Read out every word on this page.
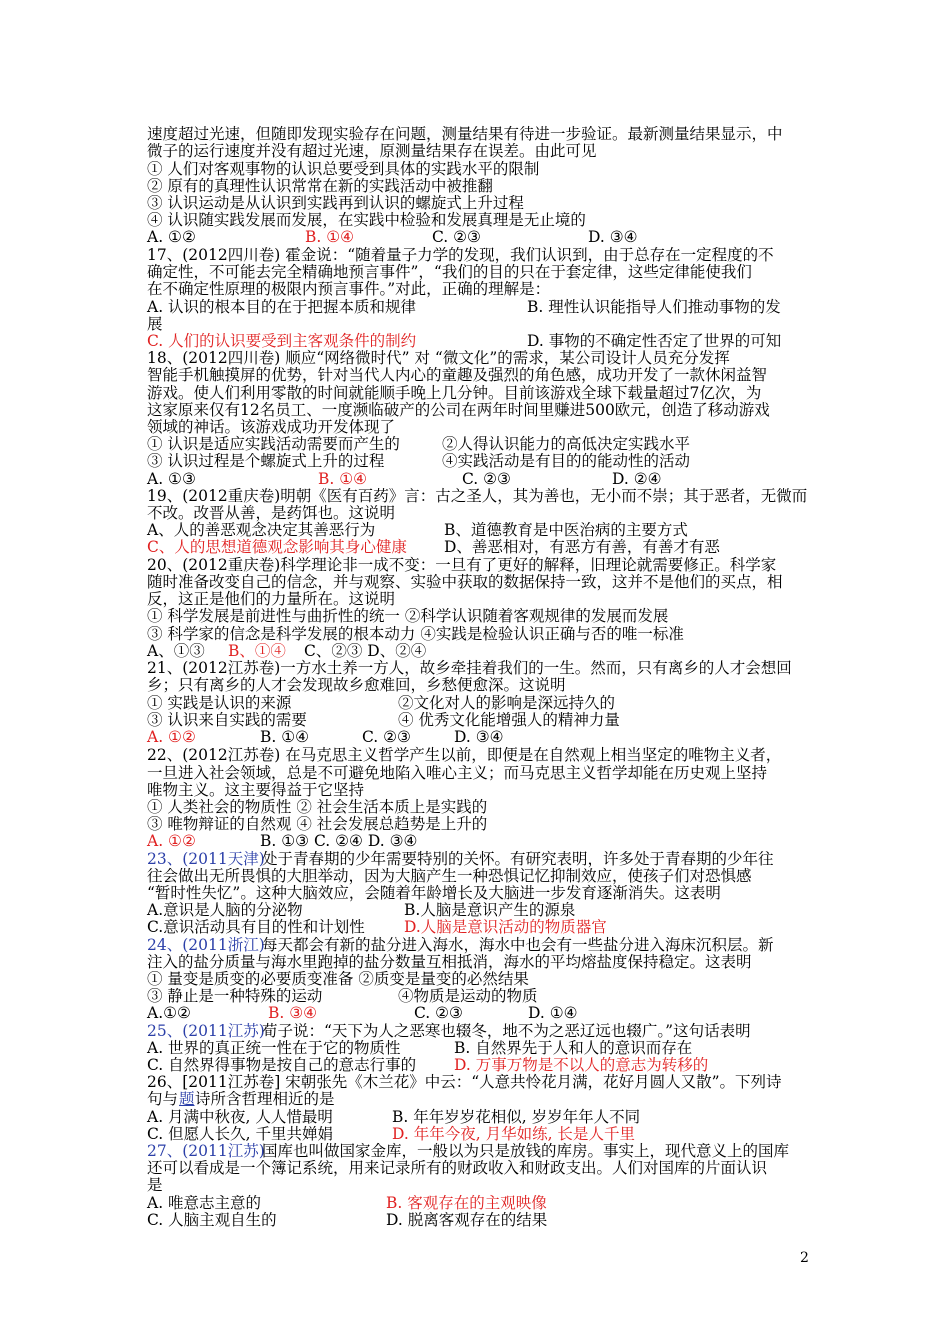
速度超过光速，但随即发现实验存在问题，测量结果有待进一步验证。最新测量结果显示，中
微子的运行速度并没有超过光速，原测量结果存在误差。由此可见
① 人们对客观事物的认识总要受到具体的实践水平的限制
② 原有的真理性认识常常在新的实践活动中被推翻
③ 认识运动是从认识到实践再到认识的螺旋式上升过程
④ 认识随实践发展而发展，在实践中检验和发展真理是无止境的
A. ①②	B. ①④	C. ②③	D. ③④
17、(2012四川卷) 霍金说：“随着量子力学的发现，我们认识到，由于总存在一定程度的不
确定性，不可能去完全精确地预言事件”，“我们的目的只在于套定律，这些定律能使我们
在不确定性原理的极限内预言事件。”对此，正确的理解是：
A. 认识的根本目的在于把握本质和规律	B. 理性认识能指导人们推动事物的发
展
C. 人们的认识要受到主客观条件的制约	D. 事物的不确定性否定了世界的可知
18、(2012四川卷) 顺应“网络微时代” 对 “微文化”的需求，某公司设计人员充分发挥
智能手机触摸屏的优势，针对当代人内心的童趣及强烈的角色感，成功开发了一款休闲益智
游戏。使人们利用零散的时间就能顺手晚上几分钟。目前该游戏全球下载量超过7亿次，为
这家原来仅有12名员工、一度濒临破产的公司在两年时间里赚进500欧元，创造了移动游戏
领域的神话。该游戏成功开发体现了
① 认识是适应实践活动需要而产生的	②人得认识能力的高低决定实践水平
③ 认识过程是个螺旋式上升的过程	④实践活动是有目的的能动性的活动
A. ①③	B. ①④	C. ②③	D. ②④
19、(2012重庆卷)明朝《医有百药》言：古之圣人，其为善也，无小而不崇；其于恶者，无微而
不改。改晋从善，是药饵也。这说明
A、人的善恶观念决定其善恶行为	B、道德教育是中医治病的主要方式
C、人的思想道德观念影响其身心健康 D、善恶相对，有恶方有善，有善才有恶
20、(2012重庆卷)科学理论非一成不变：一旦有了更好的解释，旧理论就需要修正。科学家
随时准备改变自己的信念，并与观察、实验中获取的数据保持一致，这并不是他们的买点，相
反，这正是他们的力量所在。这说明
① 科学发展是前进性与曲折性的统一 ②科学认识随着客观规律的发展而发展
③ 科学家的信念是科学发展的根本动力 ④实践是检验认识正确与否的唯一标准
A、①③ B、①④ C、②③ D、②④
21、(2012江苏卷)一方水土养一方人，故乡牵挂着我们的一生。然而，只有离乡的人才会想回
乡；只有离乡的人才会发现故乡愈难回，乡愁便愈深。这说明
① 实践是认识的来源	②文化对人的影响是深远持久的
③ 认识来自实践的需要	④ 优秀文化能增强人的精神力量
A. ①②	B. ①④	C. ②③	D. ③④
22、(2012江苏卷) 在马克思主义哲学产生以前，即便是在自然观上相当坚定的唯物主义者，
一旦进入社会领域，总是不可避免地陷入唯心主义；而马克思主义哲学却能在历史观上坚持
唯物主义。这主要得益于它坚持
① 人类社会的物质性 ② 社会生活本质上是实践的
③ 唯物辩证的自然观 ④ 社会发展总趋势是上升的
A. ①②	B. ①③ C. ②④ D. ③④
23、(2011天津)
处于青春期的少年需要特别的关怀。有研究表明，许多处于青春期的少年往
往会做出无所畏惧的大胆举动，因为大脑产生一种恐惧记忆抑制效应，使孩子们对恐惧感
“暂时性失忆”。这种大脑效应，会随着年龄增长及大脑进一步发育逐渐消失。这表明
A.意识是人脑的分泌物	B.人脑是意识产生的源泉
C.意识活动具有目的性和计划性	D.人脑是意识活动的物质器官
24、(2011浙江)
每天都会有新的盐分进入海水，海水中也会有一些盐分进入海床沉积层。新
注入的盐分质量与海水里跑掉的盐分数量互相抵消，海水的平均熔盐度保持稳定。这表明
① 量变是质变的必要质变准备 ②质变是量变的必然结果
③ 静止是一种特殊的运动	④物质是运动的物质
A.①②	B. ③④	C. ②③	D. ①④
25、(2011江苏)
荀子说：“天下为人之恶寒也辍冬，地不为之恶辽远也辍广。”这句话表明
A. 世界的真正统一性在于它的物质性	B. 自然界先于人和人的意识而存在
C. 自然界得事物是按自己的意志行事的 D. 万事万物是不以人的意志为转移的
26、[2011江苏卷] 宋朝张先《木兰花》中云：“人意共怜花月满，花好月圆人又散”。下列诗
句与 题 诗所含哲理相近的是
A. 月满中秋夜, 人人惜最明	B. 年年岁岁花相似, 岁岁年年人不同
C. 但愿人长久, 千里共婵娟	D. 年年今夜, 月华如练, 长是人千里
27、(2011江苏)
国库也叫做国家金库，一般以为只是放钱的库房。事实上，现代意义上的国库
还可以看成是一个簿记系统，用来记录所有的财政收入和财政支出。人们对国库的片面认识
是
A. 唯意志主意的	B. 客观存在的主观映像
C. 人脑主观自生的	D. 脱离客观存在的结果
2
